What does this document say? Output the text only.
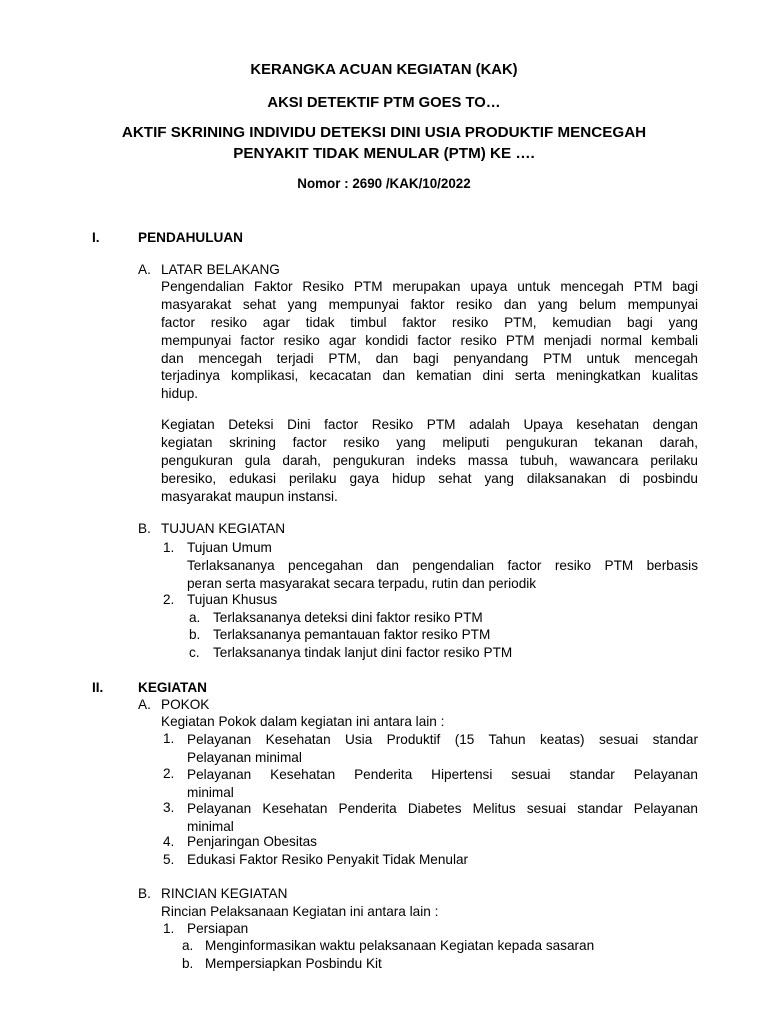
KERANGKA ACUAN KEGIATAN (KAK)
AKSI DETEKTIF PTM GOES TO…
AKTIF SKRINING INDIVIDU DETEKSI DINI USIA PRODUKTIF MENCEGAH
PENYAKIT TIDAK MENULAR (PTM) KE ….
Nomor : 2690 /KAK/10/2022
I.	PENDAHULUAN
A. LATAR BELAKANG
Pengendalian Faktor Resiko PTM merupakan upaya untuk mencegah PTM bagi
masyarakat sehat yang mempunyai faktor resiko dan yang belum mempunyai
factor resiko agar tidak timbul faktor resiko PTM, kemudian bagi yang
mempunyai factor resiko agar kondidi factor resiko PTM menjadi normal kembali
dan mencegah terjadi PTM, dan bagi penyandang PTM untuk mencegah
terjadinya komplikasi, kecacatan dan kematian dini serta meningkatkan kualitas
hidup.
Kegiatan Deteksi Dini factor Resiko PTM adalah Upaya kesehatan dengan
kegiatan skrining factor resiko yang meliputi pengukuran tekanan darah,
pengukuran gula darah, pengukuran indeks massa tubuh, wawancara perilaku
beresiko, edukasi perilaku gaya hidup sehat yang dilaksanakan di posbindu
masyarakat maupun instansi.
B. TUJUAN KEGIATAN
1. Tujuan Umum
Terlaksananya pencegahan dan pengendalian factor resiko PTM berbasis
peran serta masyarakat secara terpadu, rutin dan periodik
2. Tujuan Khusus
a. Terlaksananya deteksi dini faktor resiko PTM
b. Terlaksananya pemantauan faktor resiko PTM
c. Terlaksananya tindak lanjut dini factor resiko PTM
II.	KEGIATAN
A. POKOK
Kegiatan Pokok dalam kegiatan ini antara lain :
1. Pelayanan Kesehatan Usia Produktif (15 Tahun keatas) sesuai standar
Pelayanan minimal
2. Pelayanan Kesehatan Penderita Hipertensi sesuai standar Pelayanan
minimal
3. Pelayanan Kesehatan Penderita Diabetes Melitus sesuai standar Pelayanan
minimal
4. Penjaringan Obesitas
5. Edukasi Faktor Resiko Penyakit Tidak Menular
B. RINCIAN KEGIATAN
Rincian Pelaksanaan Kegiatan ini antara lain :
1. Persiapan
a. Menginformasikan waktu pelaksanaan Kegiatan kepada sasaran
b. Mempersiapkan Posbindu Kit
